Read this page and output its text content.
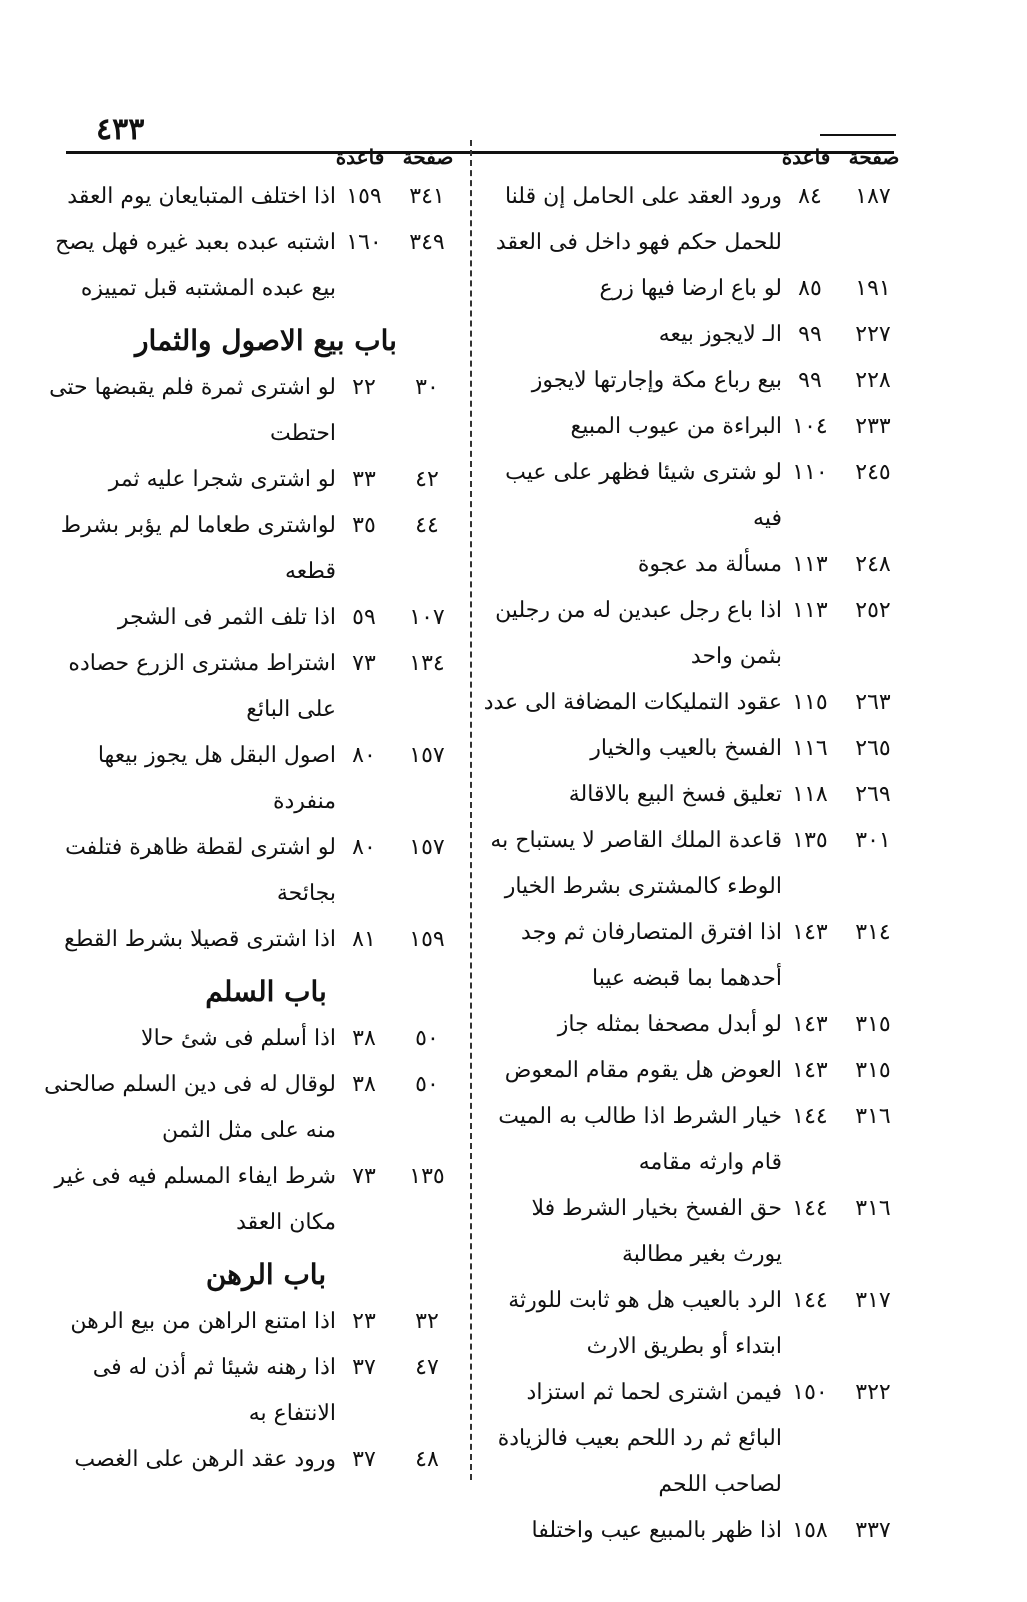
٤٣٣
صفحة
قاعدة
١٨٧
٨٤
ورود العقد على الحامل إن قلنا للحمل حكم فهو داخل فى العقد
١٩١
٨٥
لو باع ارضا فيها زرع
٢٢٧
٩٩
الـ لايجوز بيعه
٢٢٨
٩٩
بيع رباع مكة وإجارتها لايجوز
٢٣٣
١٠٤
البراءة من عيوب المبيع
٢٤٥
١١٠
لو شترى شيئا فظهر على عيب فيه
٢٤٨
١١٣
مسألة مد عجوة
٢٥٢
١١٣
اذا باع رجل عبدين له من رجلين بثمن واحد
٢٦٣
١١٥
عقود التمليكات المضافة الى عدد
٢٦٥
١١٦
الفسخ بالعيب والخيار
٢٦٩
١١٨
تعليق فسخ البيع بالاقالة
٣٠١
١٣٥
قاعدة الملك القاصر لا يستباح به الوطء كالمشترى بشرط الخيار
٣١٤
١٤٣
اذا افترق المتصارفان ثم وجد أحدهما بما قبضه عيبا
٣١٥
١٤٣
لو أبدل مصحفا بمثله جاز
٣١٥
١٤٣
العوض هل يقوم مقام المعوض
٣١٦
١٤٤
خيار الشرط اذا طالب به الميت قام وارثه مقامه
٣١٦
١٤٤
حق الفسخ بخيار الشرط فلا يورث بغير مطالبة
٣١٧
١٤٤
الرد بالعيب هل هو ثابت للورثة ابتداء أو بطريق الارث
٣٢٢
١٥٠
فيمن اشترى لحما ثم استزاد البائع ثم رد اللحم بعيب فالزيادة لصاحب اللحم
٣٣٧
١٥٨
اذا ظهر بالمبيع عيب واختلفا
صفحة
قاعدة
٣٤١
١٥٩
اذا اختلف المتبايعان يوم العقد
٣٤٩
١٦٠
اشتبه عبده بعبد غيره فهل يصح بيع عبده المشتبه قبل تمييزه
باب بيع الاصول والثمار
٣٠
٢٢
لو اشترى ثمرة فلم يقبضها حتى احتطت
٤٢
٣٣
لو اشترى شجرا عليه ثمر
٤٤
٣٥
لواشترى طعاما لم يؤبر بشرط قطعه
١٠٧
٥٩
اذا تلف الثمر فى الشجر
١٣٤
٧٣
اشتراط مشترى الزرع حصاده على البائع
١٥٧
٨٠
اصول البقل هل يجوز بيعها منفردة
١٥٧
٨٠
لو اشترى لقطة ظاهرة فتلفت بجائحة
١٥٩
٨١
اذا اشترى قصيلا بشرط القطع
باب السلم
٥٠
٣٨
اذا أسلم فى شئ حالا
٥٠
٣٨
لوقال له فى دين السلم صالحنى منه على مثل الثمن
١٣٥
٧٣
شرط ايفاء المسلم فيه فى غير مكان العقد
باب الرهن
٣٢
٢٣
اذا امتنع الراهن من بيع الرهن
٤٧
٣٧
اذا رهنه شيئا ثم أذن له فى الانتفاع به
٤٨
٣٧
ورود عقد الرهن على الغصب
